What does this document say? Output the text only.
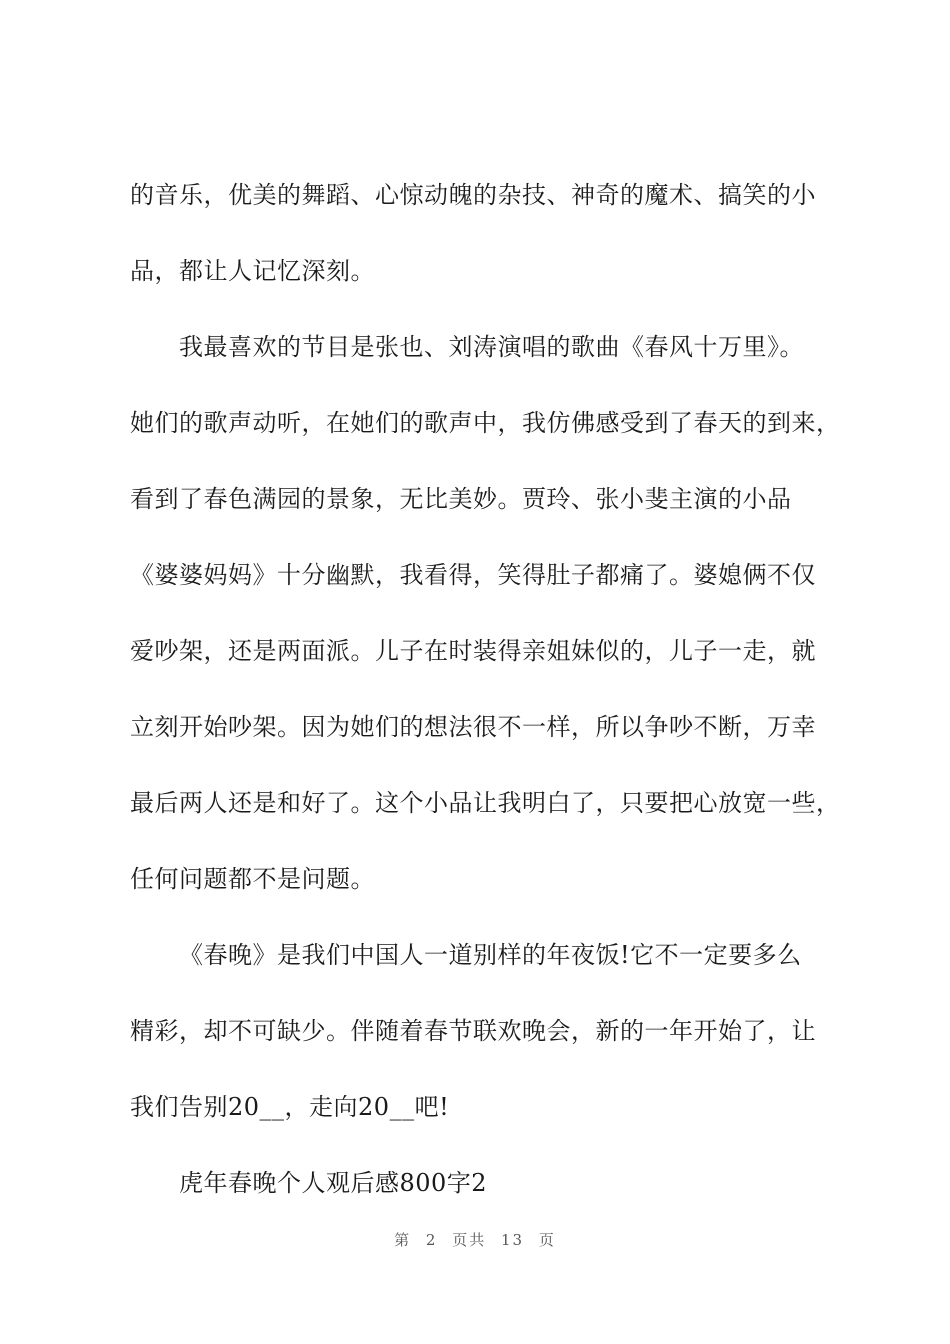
的音乐，优美的舞蹈、心惊动魄的杂技、神奇的魔术、搞笑的小
品，都让人记忆深刻。
我最喜欢的节目是张也、刘涛演唱的歌曲《春风十万里》。
她们的歌声动听，在她们的歌声中，我仿佛感受到了春天的到来，
看到了春色满园的景象，无比美妙。贾玲、张小斐主演的小品
《婆婆妈妈》十分幽默，我看得，笑得肚子都痛了。婆媳俩不仅
爱吵架，还是两面派。儿子在时装得亲姐妹似的，儿子一走，就
立刻开始吵架。因为她们的想法很不一样，所以争吵不断，万幸
最后两人还是和好了。这个小品让我明白了，只要把心放宽一些，
任何问题都不是问题。
《春晚》是我们中国人一道别样的年夜饭!它不一定要多么
精彩，却不可缺少。伴随着春节联欢晚会，新的一年开始了，让
我们告别20__，走向20__吧!
虎年春晚个人观后感800字2
第 2 页共 13 页
